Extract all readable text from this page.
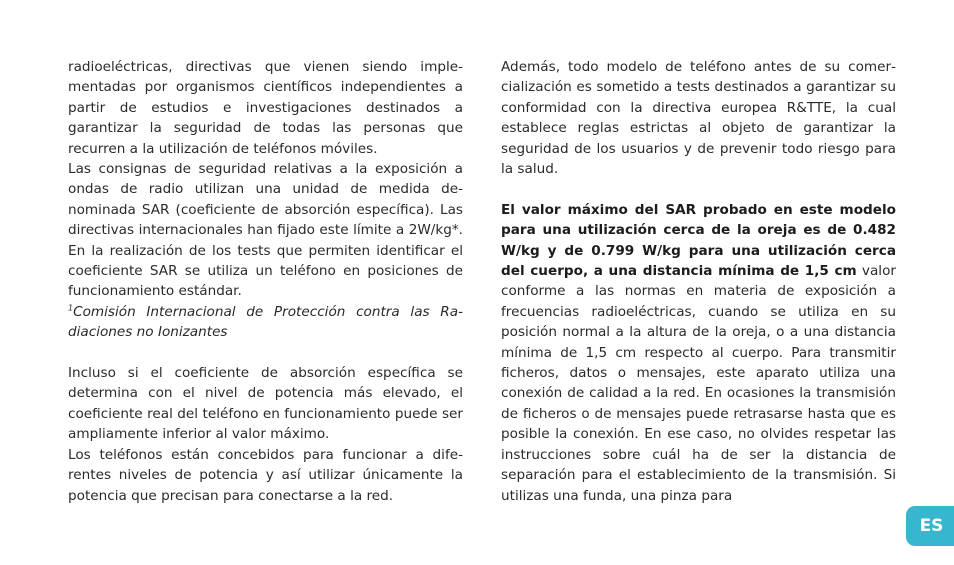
radioeléctricas, directivas que vienen siendo implementadas por organismos científicos independientes a partir de estudios e investigaciones destinados a garantizar la seguridad de todas las personas que recurren a la utilización de teléfonos móviles.

Las consignas de seguridad relativas a la exposición a ondas de radio utilizan una unidad de medida denominada SAR (coeficiente de absorción específica). Las directivas internacionales han fijado este límite a 2W/kg*. En la realización de los tests que permiten identificar el coeficiente SAR se utiliza un teléfono en posiciones de funcionamiento estándar.

$^1$Comisión Internacional de Protección contra las Radiaciones no Ionizantes

Incluso si el coeficiente de absorción específica se determina con el nivel de potencia más elevado, el coeficiente real del teléfono en funcionamiento puede ser ampliamente inferior al valor máximo.

Los teléfonos están concebidos para funcionar a diferentes niveles de potencia y así utilizar únicamente la potencia que precisan para conectarse a la red.

Además, todo modelo de teléfono antes de su comercialización es sometido a tests destinados a garantizar su conformidad con la directiva europea R&TTE, la cual establece reglas estrictas al objeto de garantizar la seguridad de los usuarios y de prevenir todo riesgo para la salud.

El valor máximo del SAR probado en este modelo para una utilización cerca de la oreja es de 0.482 W/kg y de 0.799 W/kg para una utilización cerca del cuerpo, a una distancia mínima de 1,5 cm valor conforme a las normas en materia de exposición a frecuencias radioeléctricas, cuando se utiliza en su posición normal a la altura de la oreja, o a una distancia mínima de 1,5 cm respecto al cuerpo. Para transmitir ficheros, datos o mensajes, este aparato utiliza una conexión de calidad a la red. En ocasiones la transmisión de ficheros o de mensajes puede retrasarse hasta que es posible la conexión. En ese caso, no olvides respetar las instrucciones sobre cuál ha de ser la distancia de separación para el establecimiento de la transmisión. Si utilizas una funda, una pinza para

ES
